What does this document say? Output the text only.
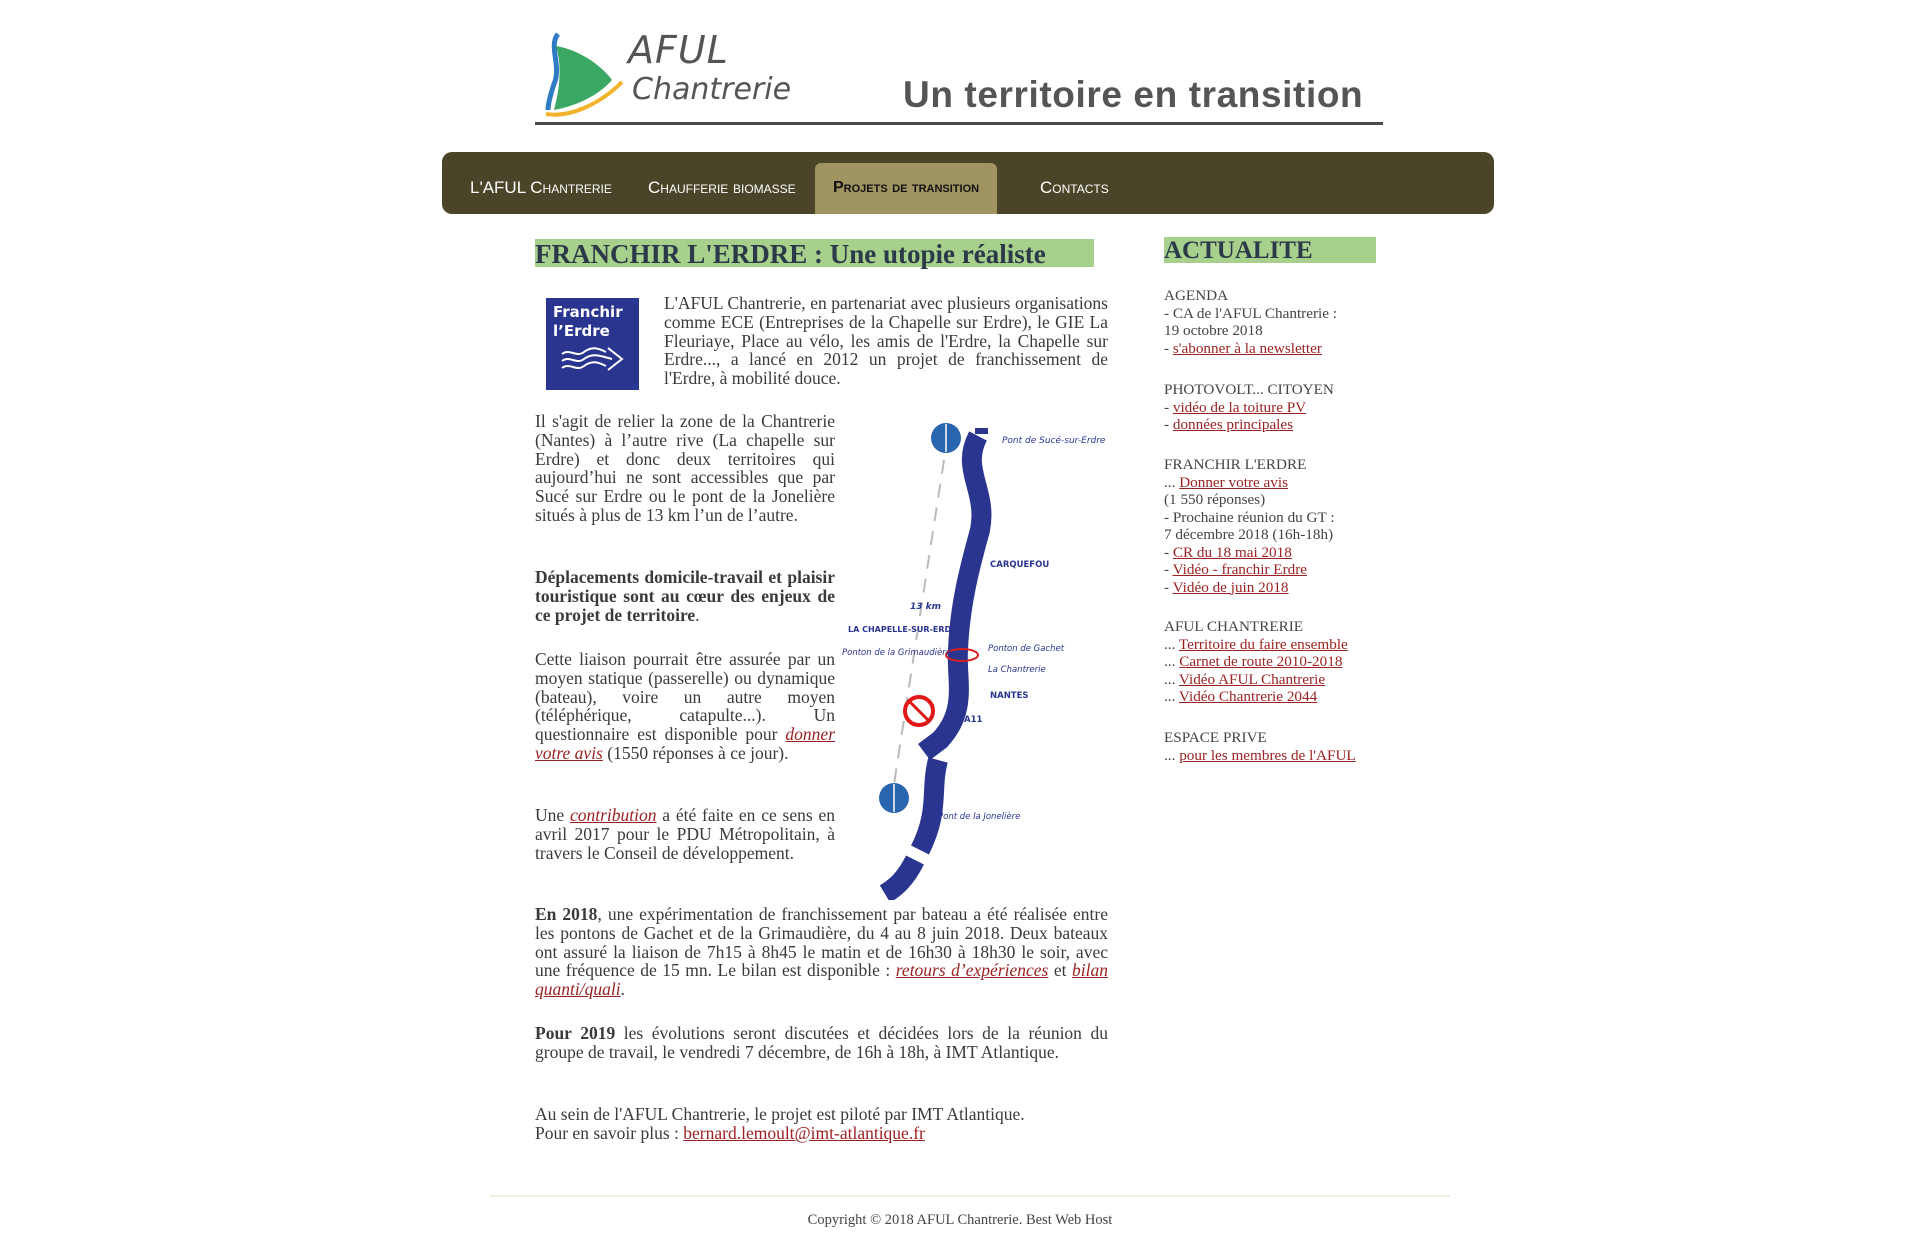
AFUL
Chantrerie	Un territoire en transition
L'AFUL Chantrerie Chaufferie biomasse	Projets de transition	Contacts
FRANCHIR L'ERDRE : Une utopie réaliste
Franchir
l’Erdre
L'AFUL Chantrerie, en partenariat avec plusieurs organisations comme ECE (Entreprises de la Chapelle sur Erdre), le GIE La Fleuriaye, Place au vélo, les amis de l'Erdre, la Chapelle sur Erdre..., a lancé en 2012 un projet de franchissement de l'Erdre, à mobilité douce.
Il s'agit de relier la zone de la Chantrerie (Nantes) à l’autre rive (La chapelle sur Erdre) et donc deux territoires qui aujourd’hui ne sont accessibles que par Sucé sur Erdre ou le pont de la Jonelière situés à plus de 13 km l’un de l’autre.
Déplacements domicile-travail et plaisir touristique sont au cœur des enjeux de ce projet de territoire.
Cette liaison pourrait être assurée par un moyen statique (passerelle) ou dynamique (bateau), voire un autre moyen (téléphérique, catapulte...). Un questionnaire est disponible pour donner votre avis (1550 réponses à ce jour).
Une contribution a été faite en ce sens en avril 2017 pour le PDU Métropolitain, à travers le Conseil de développement.
En 2018, une expérimentation de franchissement par bateau a été réalisée entre les pontons de Gachet et de la Grimaudière, du 4 au 8 juin 2018. Deux bateaux ont assuré la liaison de 7h15 à 8h45 le matin et de 16h30 à 18h30 le soir, avec une fréquence de 15 mn. Le bilan est disponible : retours d’expériences et bilan quanti/quali.
Pour 2019 les évolutions seront discutées et décidées lors de la réunion du groupe de travail, le vendredi 7 décembre, de 16h à 18h, à IMT Atlantique.
Au sein de l'AFUL Chantrerie, le projet est piloté par IMT Atlantique.
Pour en savoir plus : bernard.lemoult@imt-atlantique.fr
Pont de Sucé-sur-Erdre
CARQUEFOU
13 km
LA CHAPELLE-SUR-ERDRE
Ponton de la Grimaudière	Ponton de Gachet
La Chantrerie
NANTES
A11
Pont de la Jonelière
ACTUALITE
AGENDA
- CA de l'AFUL Chantrerie :
19 octobre 2018
- s'abonner à la newsletter
PHOTOVOLT... CITOYEN
- vidéo de la toiture PV
- données principales
FRANCHIR L'ERDRE
... Donner votre avis
(1 550 réponses)
- Prochaine réunion du GT :
7 décembre 2018 (16h-18h)
- CR du 18 mai 2018
- Vidéo - franchir Erdre
- Vidéo de juin 2018
AFUL CHANTRERIE
... Territoire du faire ensemble
... Carnet de route 2010-2018
... Vidéo AFUL Chantrerie
... Vidéo Chantrerie 2044
ESPACE PRIVE
... pour les membres de l'AFUL
Copyright © 2018 AFUL Chantrerie. Best Web Host
